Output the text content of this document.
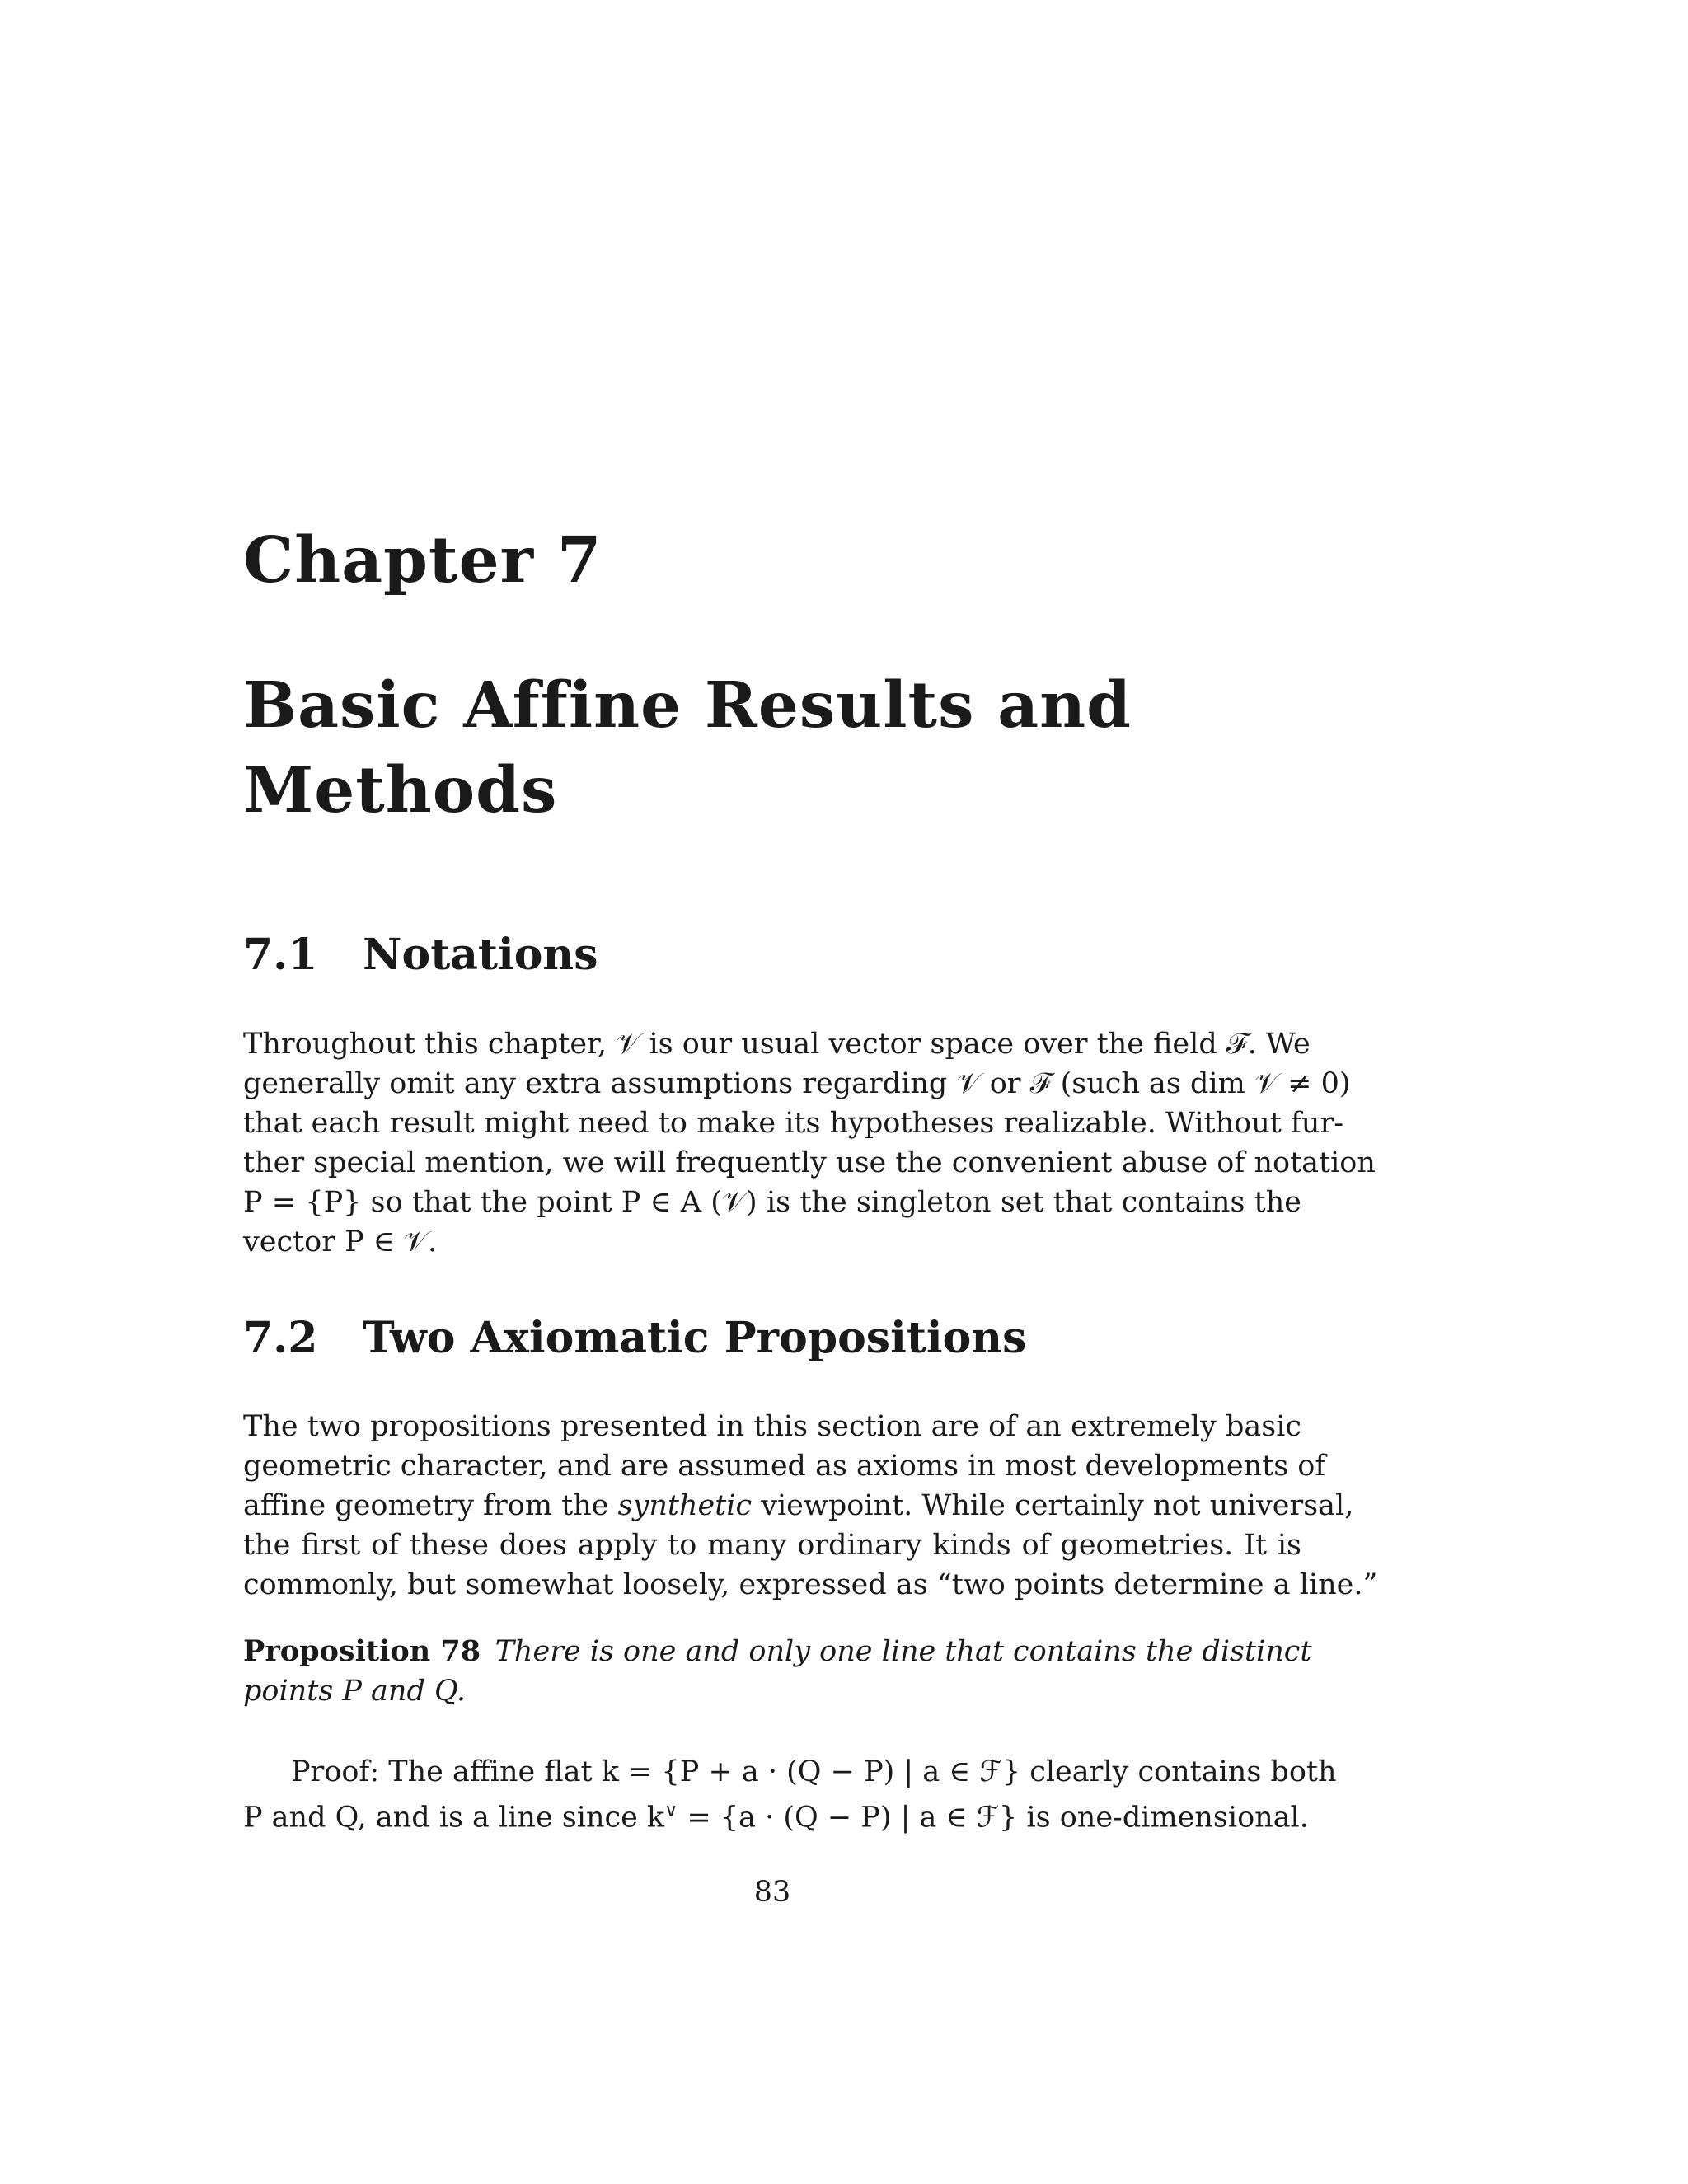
Chapter 7
Basic Affine Results and
Methods
7.1 Notations
Throughout this chapter, 𝒱 is our usual vector space over the field ℱ. We
generally omit any extra assumptions regarding 𝒱 or ℱ (such as dim 𝒱 ≠ 0)
that each result might need to make its hypotheses realizable. Without fur-
ther special mention, we will frequently use the convenient abuse of notation
P = {P} so that the point P ∈ A (𝒱) is the singleton set that contains the
vector P ∈ 𝒱.
7.2 Two Axiomatic Propositions
The two propositions presented in this section are of an extremely basic
geometric character, and are assumed as axioms in most developments of
affine geometry from the synthetic viewpoint. While certainly not universal,
the first of these does apply to many ordinary kinds of geometries. It is
commonly, but somewhat loosely, expressed as “two points determine a line.”
Proposition 78  There is one and only one line that contains the distinct
points P and Q.
Proof: The affine flat k = {P + a · (Q − P) | a ∈ ℱ} clearly contains both
P and Q, and is a line since k∨ = {a · (Q − P) | a ∈ ℱ} is one-dimensional.
83
